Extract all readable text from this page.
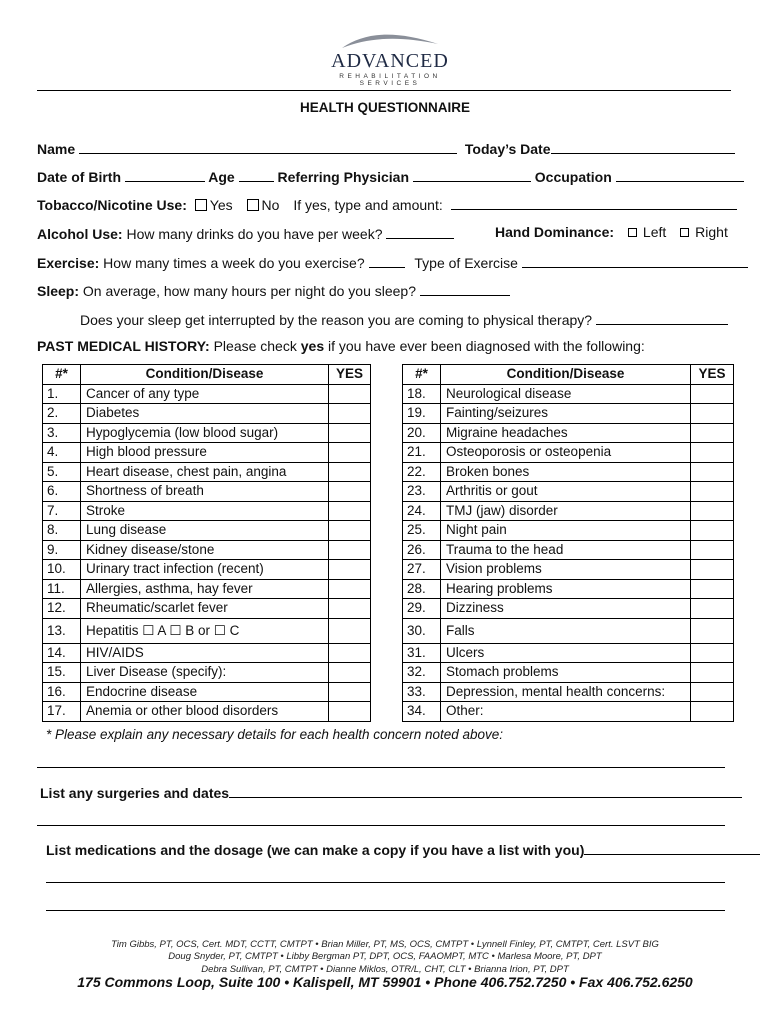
ADVANCED
REHABILITATION SERVICES
HEALTH QUESTIONNAIRE
Name	Today’s Date
Date of Birth	Age	Referring Physician	Occupation
Tobacco/Nicotine Use: Yes No If yes, type and amount:
Alcohol Use: How many drinks do you have per week?	Hand Dominance: Left Right
Exercise: How many times a week do you exercise?	Type of Exercise
Sleep: On average, how many hours per night do you sleep?
Does your sleep get interrupted by the reason you are coming to physical therapy?
PAST MEDICAL HISTORY: Please check yes if you have ever been diagnosed with the following:
#*	Condition/Disease	YES
1.	Cancer of any type	
2.	Diabetes	
3.	Hypoglycemia (low blood sugar)	
4.	High blood pressure	
5.	Heart disease, chest pain, angina	
6.	Shortness of breath	
7.	Stroke	
8.	Lung disease	
9.	Kidney disease/stone	
10.	Urinary tract infection (recent)	
11.	Allergies, asthma, hay fever	
12.	Rheumatic/scarlet fever	
13.	Hepatitis ☐ A ☐ B or ☐ C	
14.	HIV/AIDS	
15.	Liver Disease (specify):	
16.	Endocrine disease	
17.	Anemia or other blood disorders	
#*	Condition/Disease	YES
18.	Neurological disease	
19.	Fainting/seizures	
20.	Migraine headaches	
21.	Osteoporosis or osteopenia	
22.	Broken bones	
23.	Arthritis or gout	
24.	TMJ (jaw) disorder	
25.	Night pain	
26.	Trauma to the head	
27.	Vision problems	
28.	Hearing problems	
29.	Dizziness	
30.	Falls	
31.	Ulcers	
32.	Stomach problems	
33.	Depression, mental health concerns:	
34.	Other:	
* Please explain any necessary details for each health concern noted above:
List any surgeries and dates
List medications and the dosage (we can make a copy if you have a list with you)
Tim Gibbs, PT, OCS, Cert. MDT, CCTT, CMTPT • Brian Miller, PT, MS, OCS, CMTPT • Lynnell Finley, PT, CMTPT, Cert. LSVT BIG
Doug Snyder, PT, CMTPT • Libby Bergman PT, DPT, OCS, FAAOMPT, MTC • Marlesa Moore, PT, DPT
Debra Sullivan, PT, CMTPT • Dianne Miklos, OTR/L, CHT, CLT • Brianna Irion, PT, DPT
175 Commons Loop, Suite 100 • Kalispell, MT 59901 • Phone 406.752.7250 • Fax 406.752.6250
